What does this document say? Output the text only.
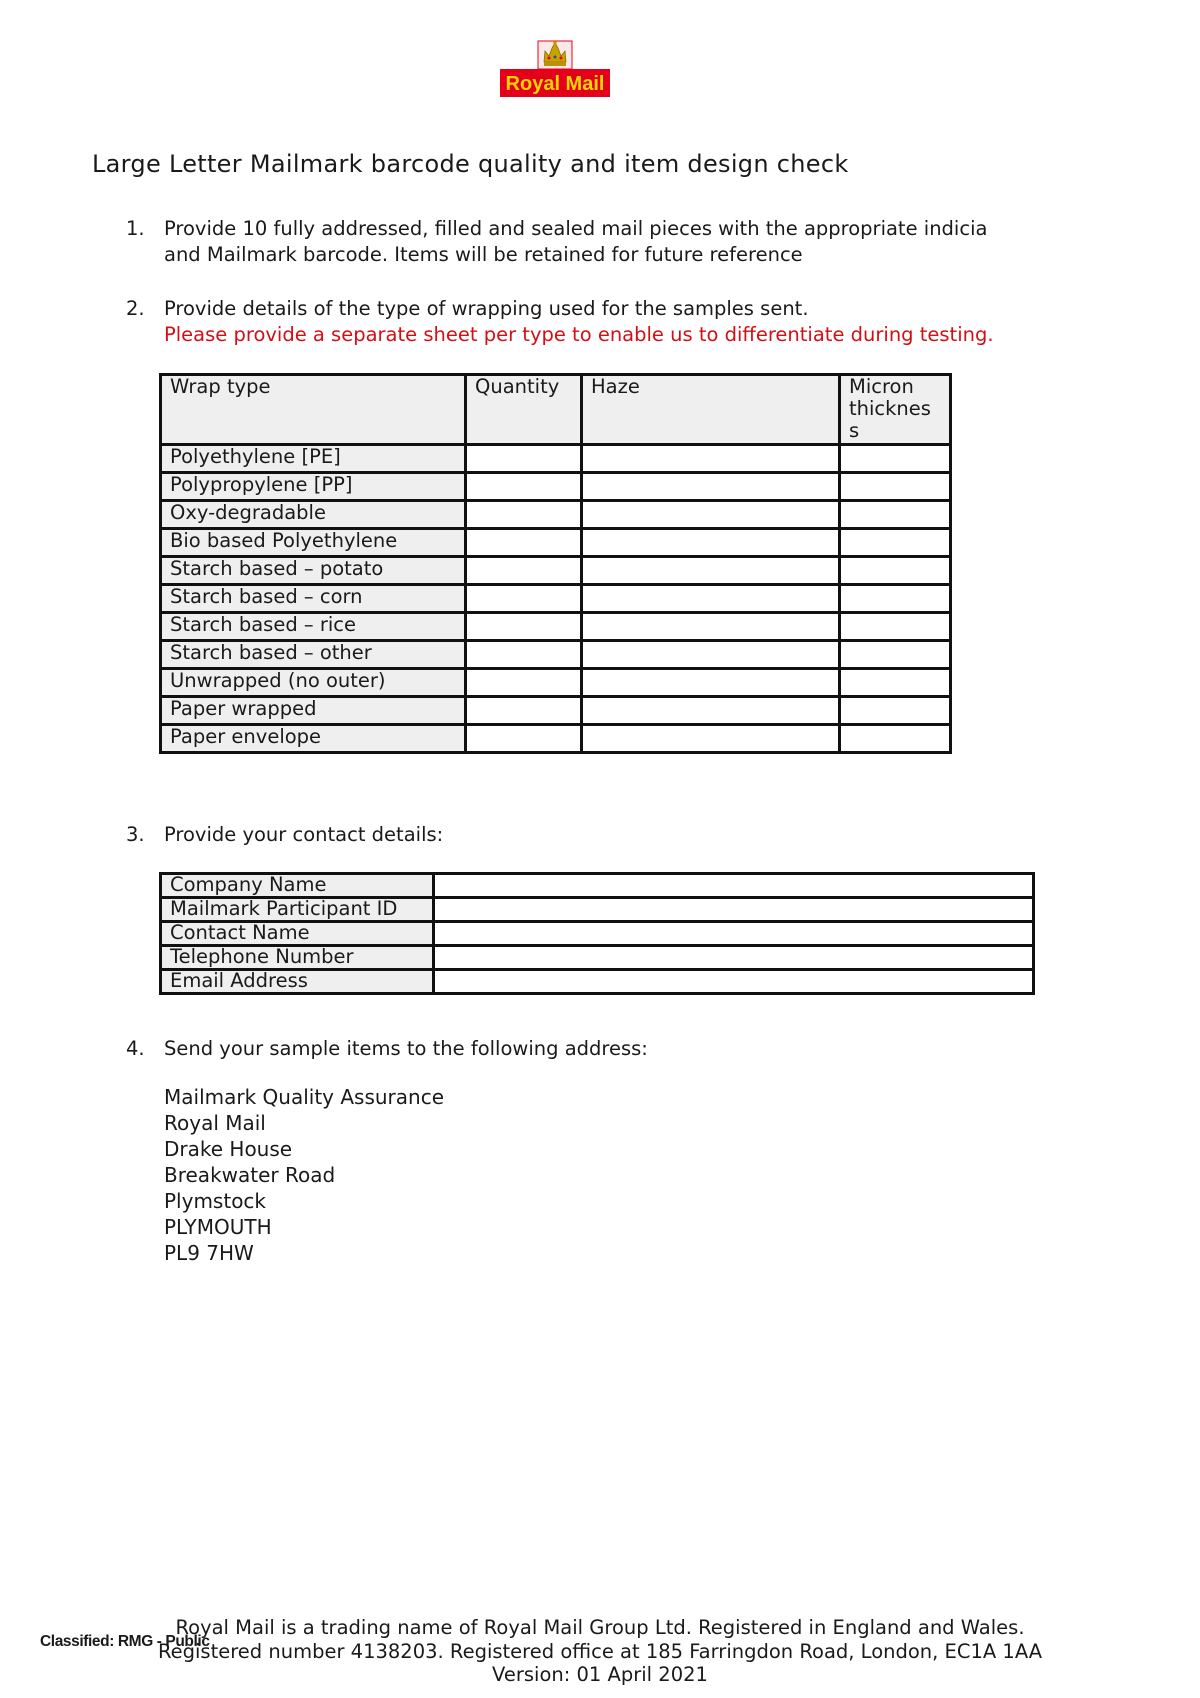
Royal Mail
Large Letter Mailmark barcode quality and item design check
1. Provide 10 fully addressed, filled and sealed mail pieces with the appropriate indicia
and Mailmark barcode. Items will be retained for future reference
2. Provide details of the type of wrapping used for the samples sent.
Please provide a separate sheet per type to enable us to differentiate during testing.
Wrap type	Quantity	Haze	Micron
thicknes
s

Polyethylene [PE]			
Polypropylene [PP]			
Oxy-degradable			
Bio based Polyethylene			
Starch based – potato			
Starch based – corn			
Starch based – rice			
Starch based – other			
Unwrapped (no outer)			
Paper wrapped			
Paper envelope			
3. Provide your contact details:
Company Name	
Mailmark Participant ID	
Contact Name	
Telephone Number	
Email Address	
4. Send your sample items to the following address:
Mailmark Quality Assurance
Royal Mail
Drake House
Breakwater Road
Plymstock
PLYMOUTH
PL9 7HW
Royal Mail is a trading name of Royal Mail Group Ltd. Registered in England and Wales.
Registered number 4138203. Registered office at 185 Farringdon Road, London, EC1A 1AA
Version: 01 April 2021
Classified: RMG - Public
